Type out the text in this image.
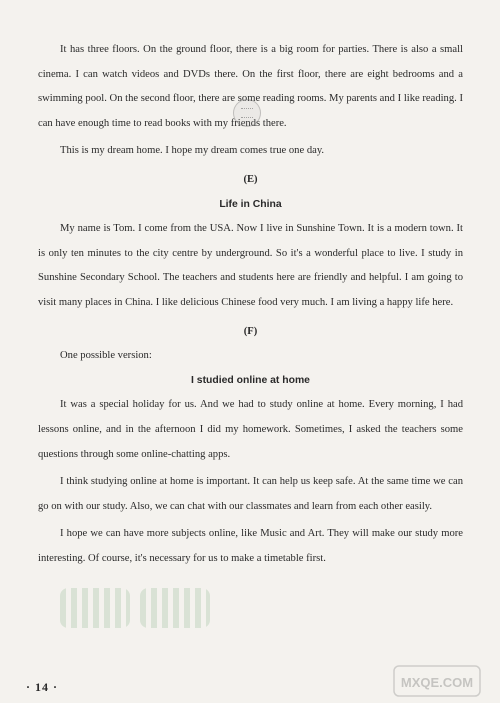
It has three floors. On the ground floor, there is a big room for parties. There is also a small cinema. I can watch videos and DVDs there. On the first floor, there are eight bedrooms and a swimming pool. On the second floor, there are some reading rooms. My parents and I like reading. I can have enough time to read books with my friends there.

This is my dream home. I hope my dream comes true one day.

(E)

Life in China

My name is Tom. I come from the USA. Now I live in Sunshine Town. It is a modern town. It is only ten minutes to the city centre by underground. So it's a wonderful place to live. I study in Sunshine Secondary School. The teachers and students here are friendly and helpful. I am going to visit many places in China. I like delicious Chinese food very much. I am living a happy life here.

(F)

One possible version:

I studied online at home

It was a special holiday for us. And we had to study online at home. Every morning, I had lessons online, and in the afternoon I did my homework. Sometimes, I asked the teachers some questions through some online-chatting apps.

I think studying online at home is important. It can help us keep safe. At the same time we can go on with our study. Also, we can chat with our classmates and learn from each other easily.

I hope we can have more subjects online, like Music and Art. They will make our study more interesting. Of course, it's necessary for us to make a timetable first.

· 14 ·	MXQE.COM
